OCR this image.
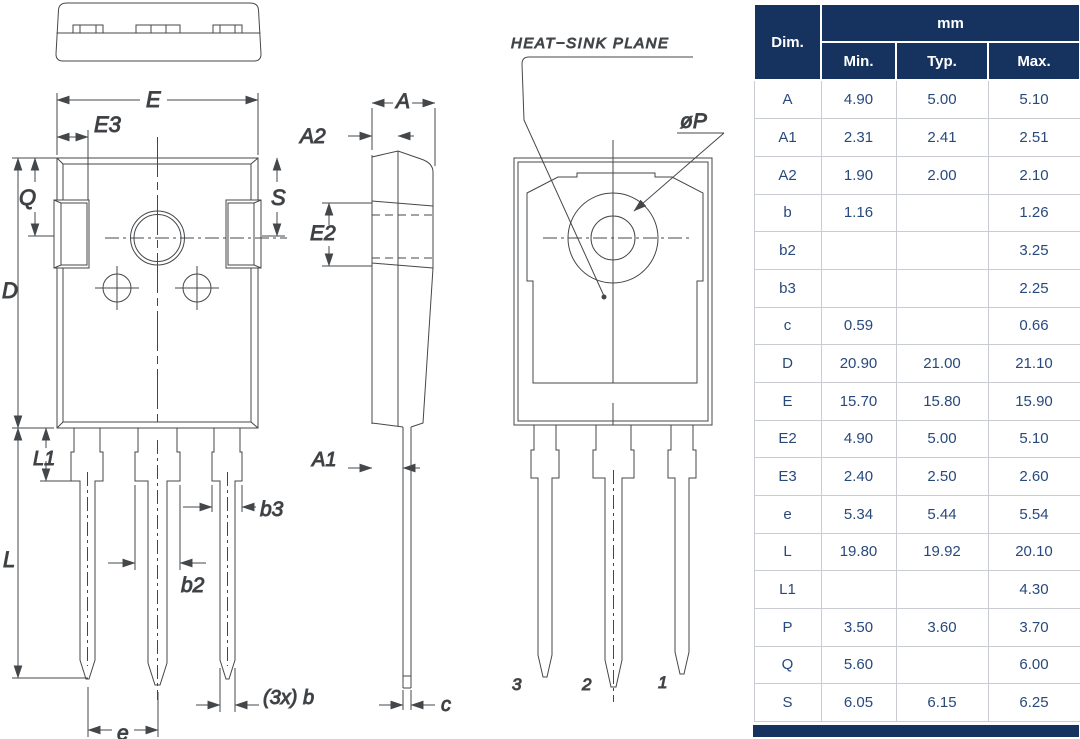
E
E3
Q	S
D
L
L1
b3
b2
(3x) b
e
A
A2
E2
A1
c
HEAT−SINK PLANE
øP
3	2	1
Dim.	mm		
	Min.	Typ.	Max.
A	4.90	5.00	5.10
A1	2.31	2.41	2.51
A2	1.90	2.00	2.10
b	1.16		1.26
b2			3.25
b3			2.25
c	0.59		0.66
D	20.90	21.00	21.10
E	15.70	15.80	15.90
E2	4.90	5.00	5.10
E3	2.40	2.50	2.60
e	5.34	5.44	5.54
L	19.80	19.92	20.10
L1			4.30
P	3.50	3.60	3.70
Q	5.60		6.00
S	6.05	6.15	6.25
